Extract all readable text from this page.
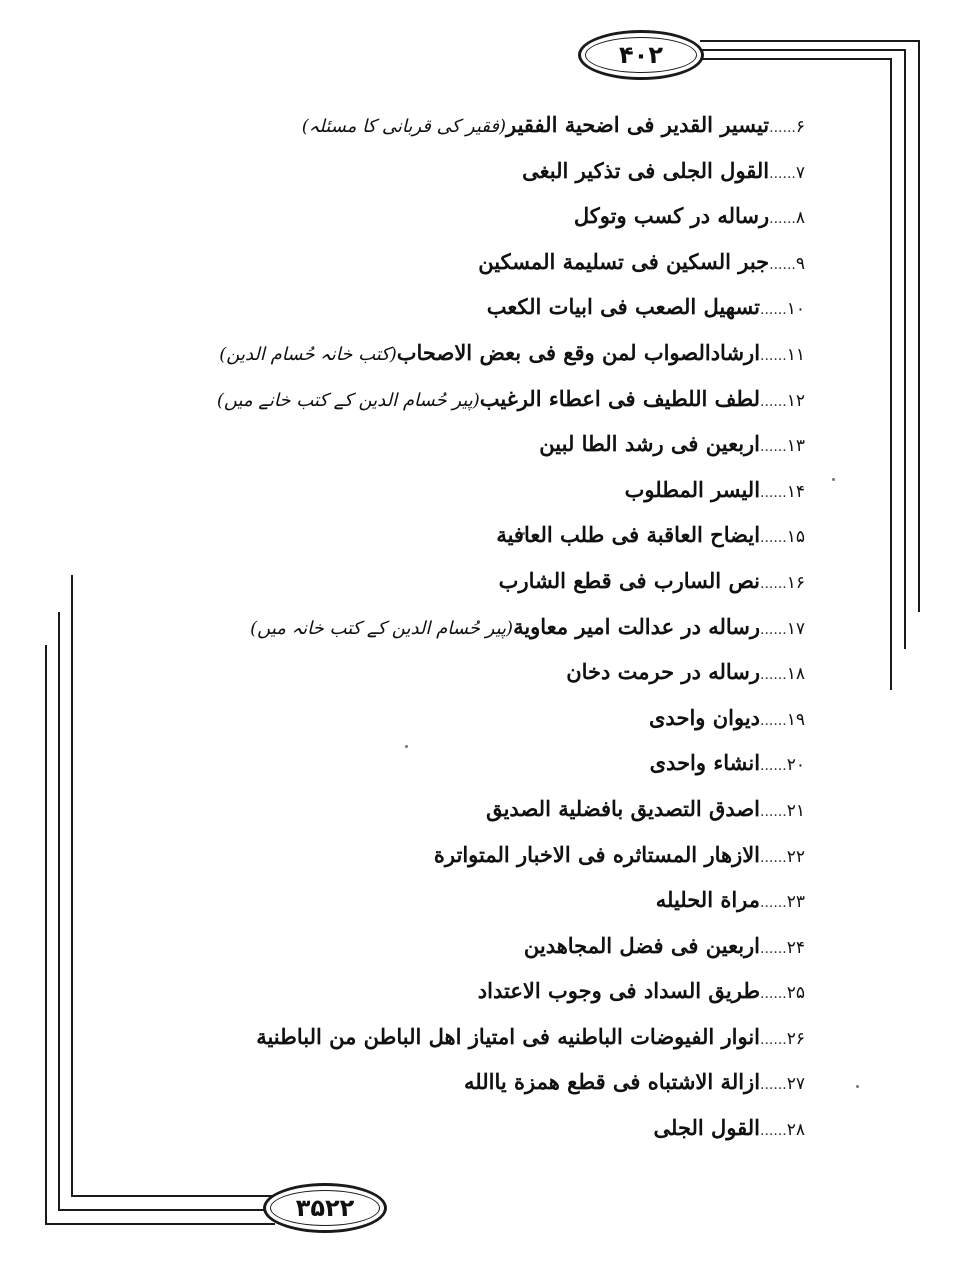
۴۰۲
۳۵۲۲
۶......تیسیر القدیر فی اضحیة الفقیر(فقیر کی قربانی کا مسئلہ)
۷......القول الجلی فی تذکیر البغی
۸......رساله در کسب وتوکل
۹......جبر السکین فی تسلیمة المسکین
۱۰......تسهیل الصعب فی ابیات الکعب
۱۱......ارشادالصواب لمن وقع فی بعض الاصحاب(کتب خانہ حُسام الدین)
۱۲......لطف اللطیف فی اعطاء الرغیب(پیر حُسام الدین کے کتب خانے میں)
۱۳......اربعین فی رشد الطا لبین
۱۴......الیسر المطلوب
۱۵......ایضاح العاقبة فی طلب العافیة
۱۶......نص السارب فی قطع الشارب
۱۷......رساله در عدالت امیر معاویة(پیر حُسام الدین کے کتب خانہ میں)
۱۸......رساله در حرمت دخان
۱۹......دیوان واحدی
۲۰......انشاء واحدی
۲۱......اصدق التصدیق بافضلیة الصدیق
۲۲......الازهار المستاثره فی الاخبار المتواترة
۲۳......مراة الحلیله
۲۴......اربعین فی فضل المجاهدین
۲۵......طریق السداد فی وجوب الاعتداد
۲۶......انوار الفیوضات الباطنیه فی امتیاز اهل الباطن من الباطنیة
۲۷......ازالة الاشتباه فی قطع همزة یاالله
۲۸......القول الجلی
